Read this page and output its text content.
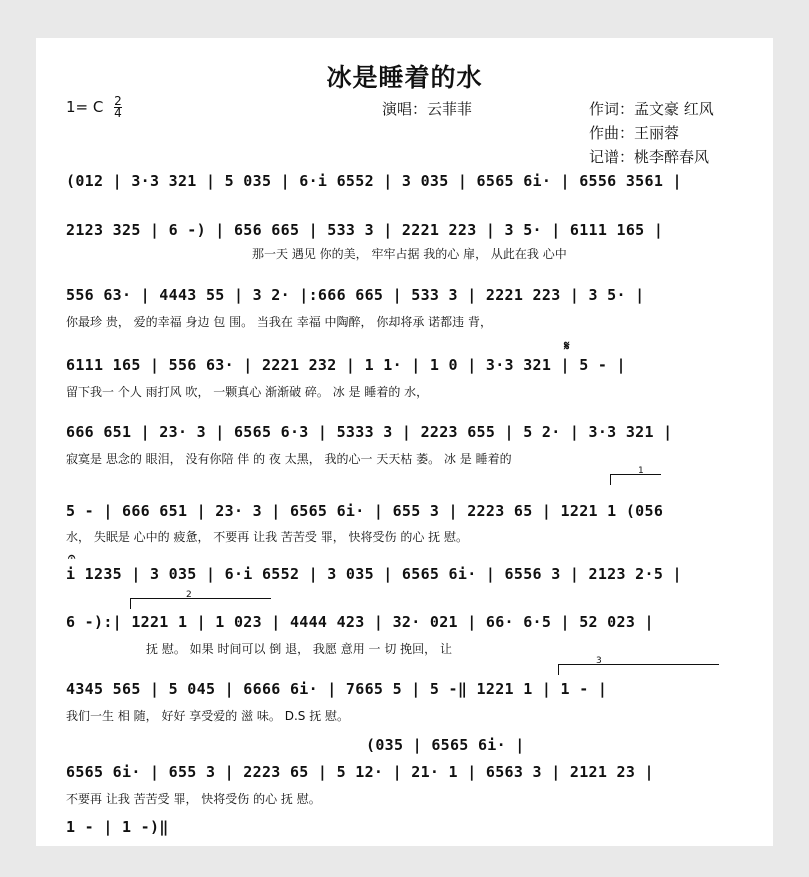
冰是睡着的水
1= C $\frac{2}{4}$	演唱：云菲菲	作词：孟文豪 红风
作曲：王丽蓉
记谱：桃李醉春风
(012 | 3·3 321 | 5 035 | 6·i 6552 | 3 035 | 6565 6i· | 6556 3561 |
2123 325 | 6 -) | 656 665 | 533 3 | 2221 223 | 3 5· | 6111 165 |
那一天 遇见 你的美， 牢牢占据 我的心 扉， 从此在我 心中
556 63· | 4443 55 | 3 2· |:666 665 | 533 3 | 2221 223 | 3 5· |
你最珍 贵， 爱的幸福 身边 包 围。 当我在 幸福 中陶醉， 你却将承 诺都违 背，
𝄋
6111 165 | 556 63· | 2221 232 | 1 1· | 1 0 | 3·3 321 | 5 - |
留下我一 个人 雨打风 吹， 一颗真心 渐渐破 碎。 冰 是 睡着的 水，
666 651 | 23· 3 | 6565 6·3 | 5333 3 | 2223 655 | 5 2· | 3·3 321 |
寂寞是 思念的 眼泪， 没有你陪 伴 的 夜 太黑， 我的心一 天天枯 萎。 冰 是 睡着的
1
5 - | 666 651 | 23· 3 | 6565 6i· | 655 3 | 2223 65 | 1221 1 (056
水， 失眠是 心中的 疲惫， 不要再 让我 苦苦受 罪， 快将受伤 的心 抚 慰。
𝄐
i 1235 | 3 035 | 6·i 6552 | 3 035 | 6565 6i· | 6556 3 | 2123 2·5 |
2
6 -):| 1221 1 | 1 023 | 4444 423 | 32· 021 | 66· 6·5 | 52 023 |
抚 慰。 如果 时间可以 倒 退， 我愿 意用 一 切 挽回， 让
3
4345 565 | 5 045 | 6666 6i· | 7665 5 | 5 -‖ 1221 1 | 1 - |
我们一生 相 随， 好好 享受爱的 滋 味。 D.S 抚 慰。
(035 | 6565 6i· |
6565 6i· | 655 3 | 2223 65 | 5 12· | 21· 1 | 6563 3 | 2121 23 |
不要再 让我 苦苦受 罪， 快将受伤 的心 抚 慰。
1 - | 1 -)‖
